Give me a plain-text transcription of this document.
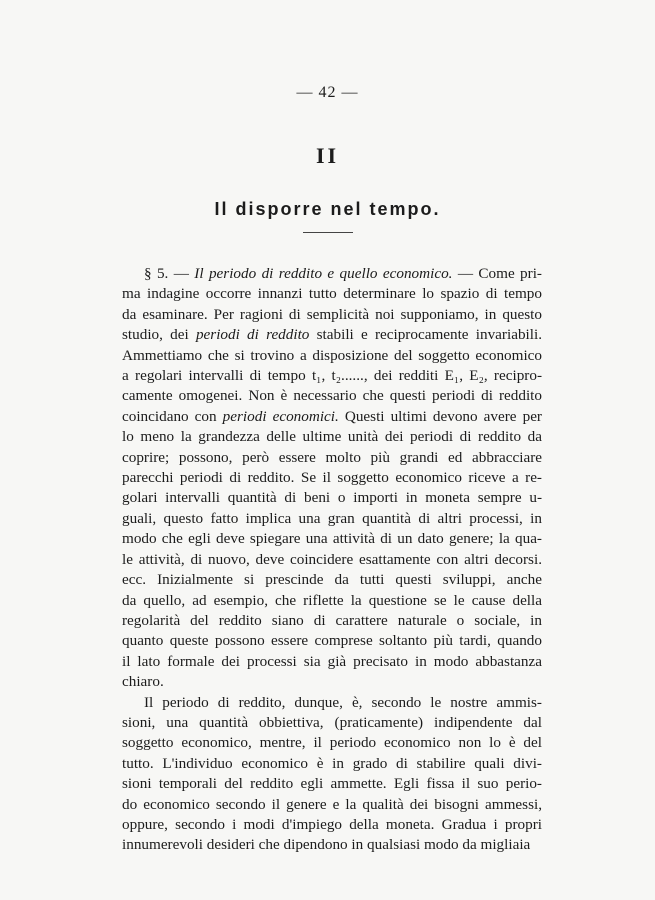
— 42 —
II
Il disporre nel tempo.
§ 5. — Il periodo di reddito e quello economico. — Come pri-
ma indagine occorre innanzi tutto determinare lo spazio di tempo
da esaminare. Per ragioni di semplicità noi supponiamo, in questo
studio, dei periodi di reddito stabili e reciprocamente invariabili.
Ammettiamo che si trovino a disposizione del soggetto economico
a regolari intervalli di tempo t₁, t₂......, dei redditi E₁, E₂, recipro-
camente omogenei. Non è necessario che questi periodi di reddito
coincidano con periodi economici. Questi ultimi devono avere per
lo meno la grandezza delle ultime unità dei periodi di reddito da
coprire; possono, però essere molto più grandi ed abbracciare
parecchi periodi di reddito. Se il soggetto economico riceve a re-
golari intervalli quantità di beni o importi in moneta sempre u-
guali, questo fatto implica una gran quantità di altri processi, in
modo che egli deve spiegare una attività di un dato genere; la qua-
le attività, di nuovo, deve coincidere esattamente con altri decorsi.
ecc. Inizialmente si prescinde da tutti questi sviluppi, anche
da quello, ad esempio, che riflette la questione se le cause della
regolarità del reddito siano di carattere naturale o sociale, in
quanto queste possono essere comprese soltanto più tardi, quando
il lato formale dei processi sia già precisato in modo abbastanza
chiaro.
Il periodo di reddito, dunque, è, secondo le nostre ammis-
sioni, una quantità obbiettiva, (praticamente) indipendente dal
soggetto economico, mentre, il periodo economico non lo è del
tutto. L'individuo economico è in grado di stabilire quali divi-
sioni temporali del reddito egli ammette. Egli fissa il suo perio-
do economico secondo il genere e la qualità dei bisogni ammessi,
oppure, secondo i modi d'impiego della moneta. Gradua i propri
innumerevoli desideri che dipendono in qualsiasi modo da migliaia
